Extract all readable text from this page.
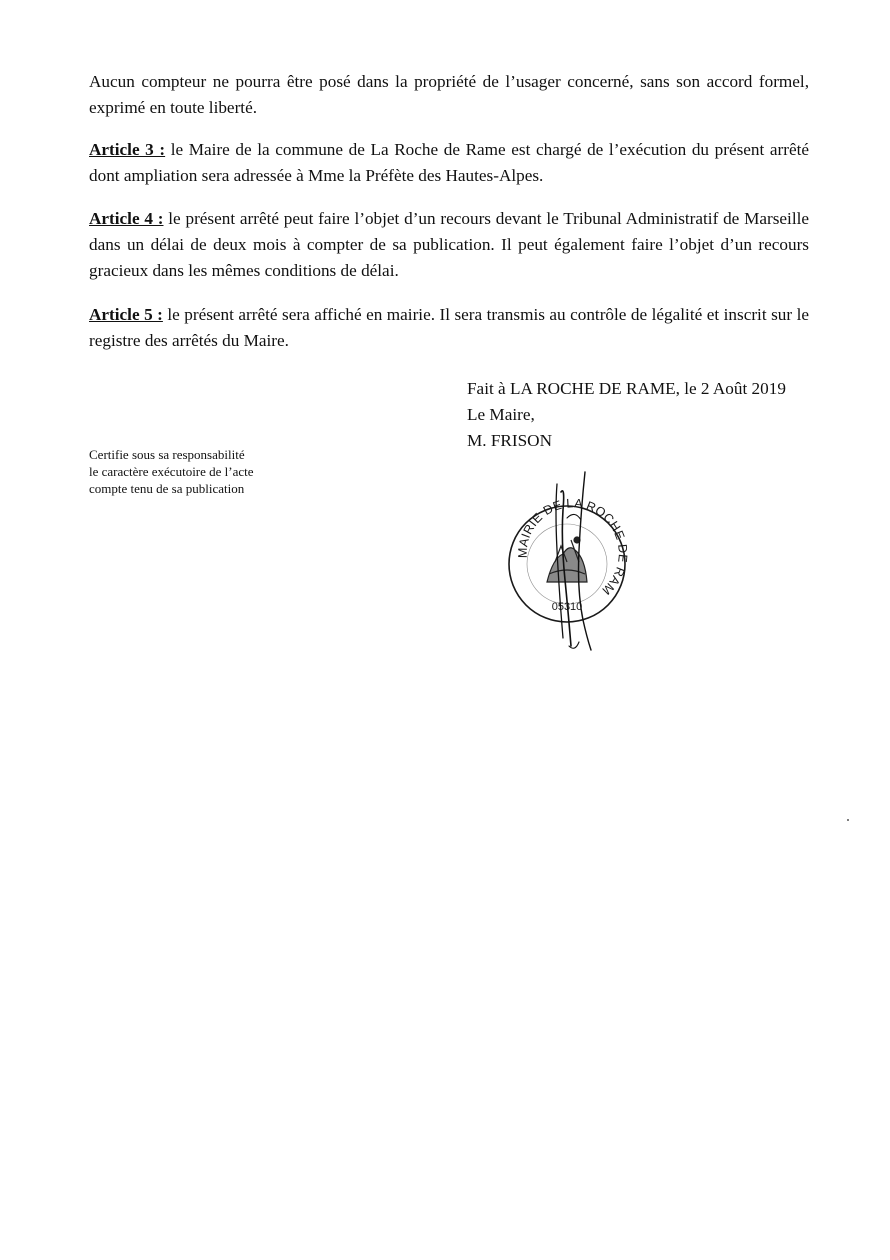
Aucun compteur ne pourra être posé dans la propriété de l’usager concerné, sans son accord formel, exprimé en toute liberté.

Article 3 : le Maire de la commune de La Roche de Rame est chargé de l’exécution du présent arrêté dont ampliation sera adressée à Mme la Préfète des Hautes-Alpes.

Article 4 : le présent arrêté peut faire l’objet d’un recours devant le Tribunal Administratif de Marseille dans un délai de deux mois à compter de sa publication. Il peut également faire l’objet d’un recours gracieux dans les mêmes conditions de délai.

Article 5 : le présent arrêté sera affiché en mairie. Il sera transmis au contrôle de légalité et inscrit sur le registre des arrêtés du Maire.

Fait à LA ROCHE DE RAME, le 2 Août 2019
Le Maire,
M. FRISON
Certifie sous sa responsabilité
le caractère exécutoire de l’acte
compte tenu de sa publication
MAIRIE DE LA ROCHE DE RAM
05310
